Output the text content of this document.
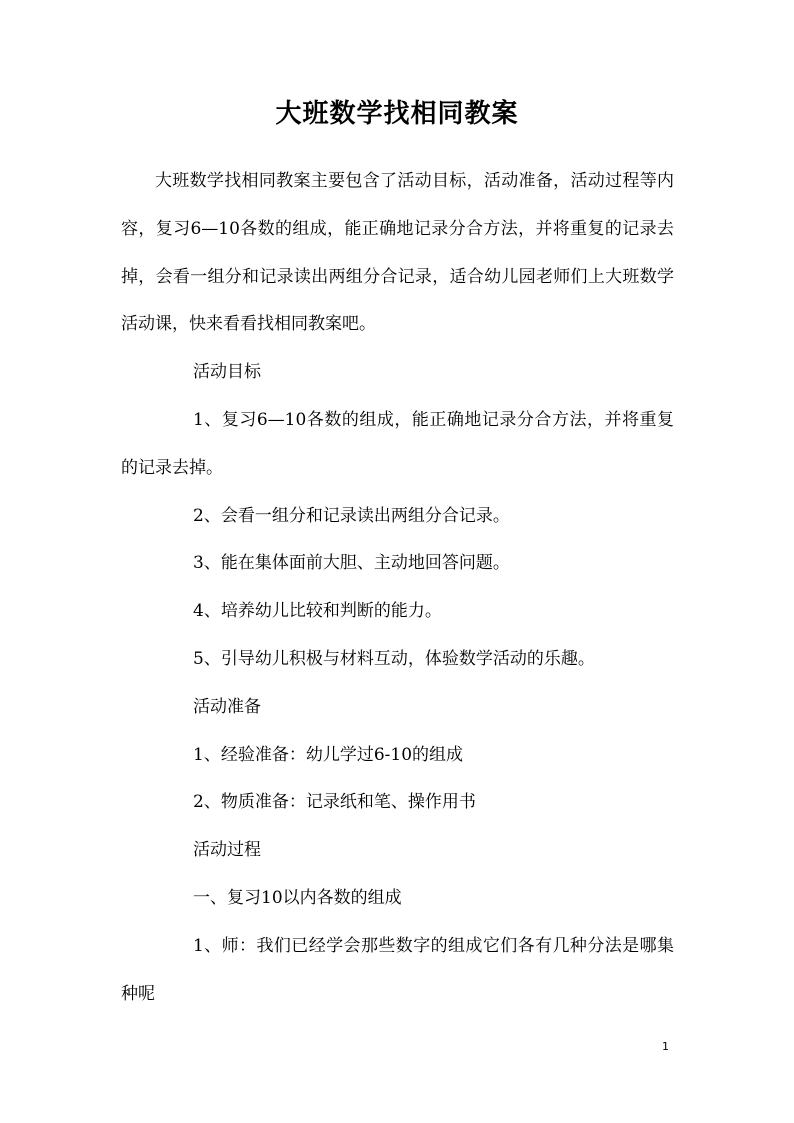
大班数学找相同教案

大班数学找相同教案主要包含了活动目标，活动准备，活动过程等内容，复习6—10各数的组成，能正确地记录分合方法，并将重复的记录去掉，会看一组分和记录读出两组分合记录，适合幼儿园老师们上大班数学活动课，快来看看找相同教案吧。

活动目标

1、复习6—10各数的组成，能正确地记录分合方法，并将重复的记录去掉。

2、会看一组分和记录读出两组分合记录。

3、能在集体面前大胆、主动地回答问题。

4、培养幼儿比较和判断的能力。

5、引导幼儿积极与材料互动，体验数学活动的乐趣。

活动准备

1、经验准备：幼儿学过6-10的组成

2、物质准备：记录纸和笔、操作用书

活动过程

一、复习10以内各数的组成

1、师：我们已经学会那些数字的组成它们各有几种分法是哪集种呢

1
